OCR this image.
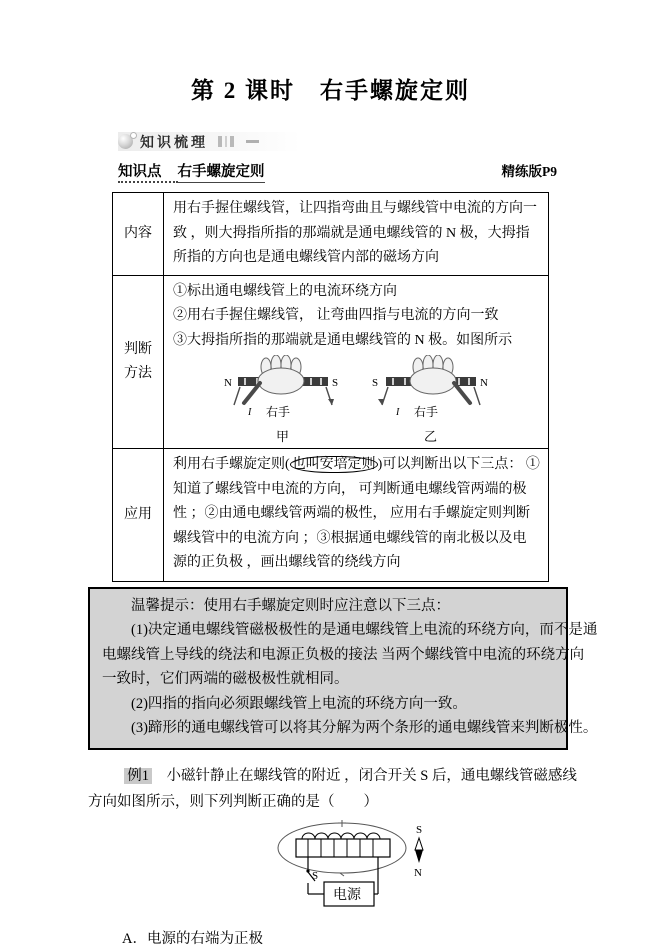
第 2 课时　右手螺旋定则
知识梳理
知识点 右手螺旋定则	精练版P9
内容	用右手握住螺线管，让四指弯曲且与螺线管中电流的方向一致 ，则大拇指所指的那端就是通电螺线管的 N 极，大拇指所指的方向也是通电螺线管内部的磁场方向
判断方法	
①标出通电螺线管上的电流环绕方向
②用右手握住螺线管， 让弯曲四指与电流的方向一致
③大拇指所指的那端就是通电螺线管的 N 极。如图所示
N	S
I 右手
甲
S	N
I 右手
乙

应用	利用右手螺旋定则( 也叫安培定则 )可以判断出以下三点： ①知道了螺线管中电流的方向， 可判断通电螺线管两端的极性 ；②由通电螺线管两端的极性， 应用右手螺旋定则判断螺线管中的电流方向 ；③根据通电螺线管的南北极以及电源的正负极 ，画出螺线管的绕线方向
温馨提示：使用右手螺旋定则时应注意以下三点：
(1)决定通电螺线管磁极极性的是通电螺线管上电流的环绕方向，而不是通
电螺线管上导线的绕法和电源正负极的接法 当两个螺线管中电流的环绕方向
一致时，它们两端的磁极极性就相同。
(2)四指的指向必须跟螺线管上电流的环绕方向一致。
(3)蹄形的通电螺线管可以将其分解为两个条形的通电螺线管来判断极性。

例1　小磁针静止在螺线管的附近 ，闭合开关 S 后，通电螺线管磁感线方向如图所示，则下列判断正确的是（　　）

S
电源
S
N
A．电源的右端为正极
